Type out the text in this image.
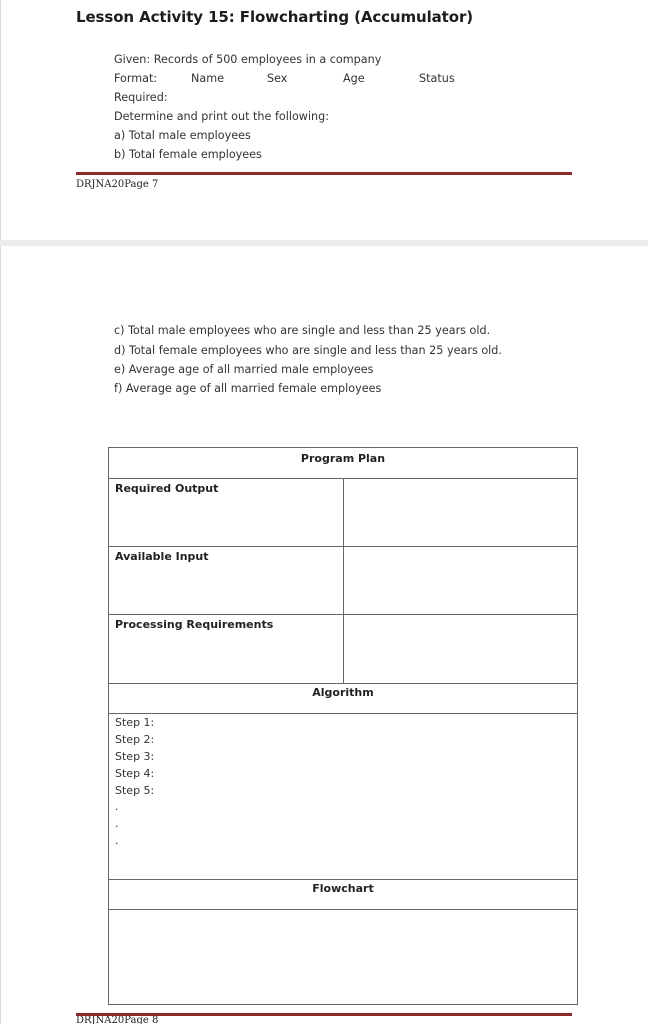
Lesson Activity 15: Flowcharting (Accumulator)
Given: Records of 500 employees in a company
Format:	Name	Sex	Age	Status
Required:
Determine and print out the following:
a) Total male employees
b) Total female employees
DRJNA20Page 7
c) Total male employees who are single and less than 25 years old.
d) Total female employees who are single and less than 25 years old.
e) Average age of all married male employees
f) Average age of all married female employees
Program Plan
Required Output
Available Input
Processing Requirements
Algorithm
Step 1:
Step 2:
Step 3:
Step 4:
Step 5:
.
.
.
Flowchart
DRJNA20Page 8
